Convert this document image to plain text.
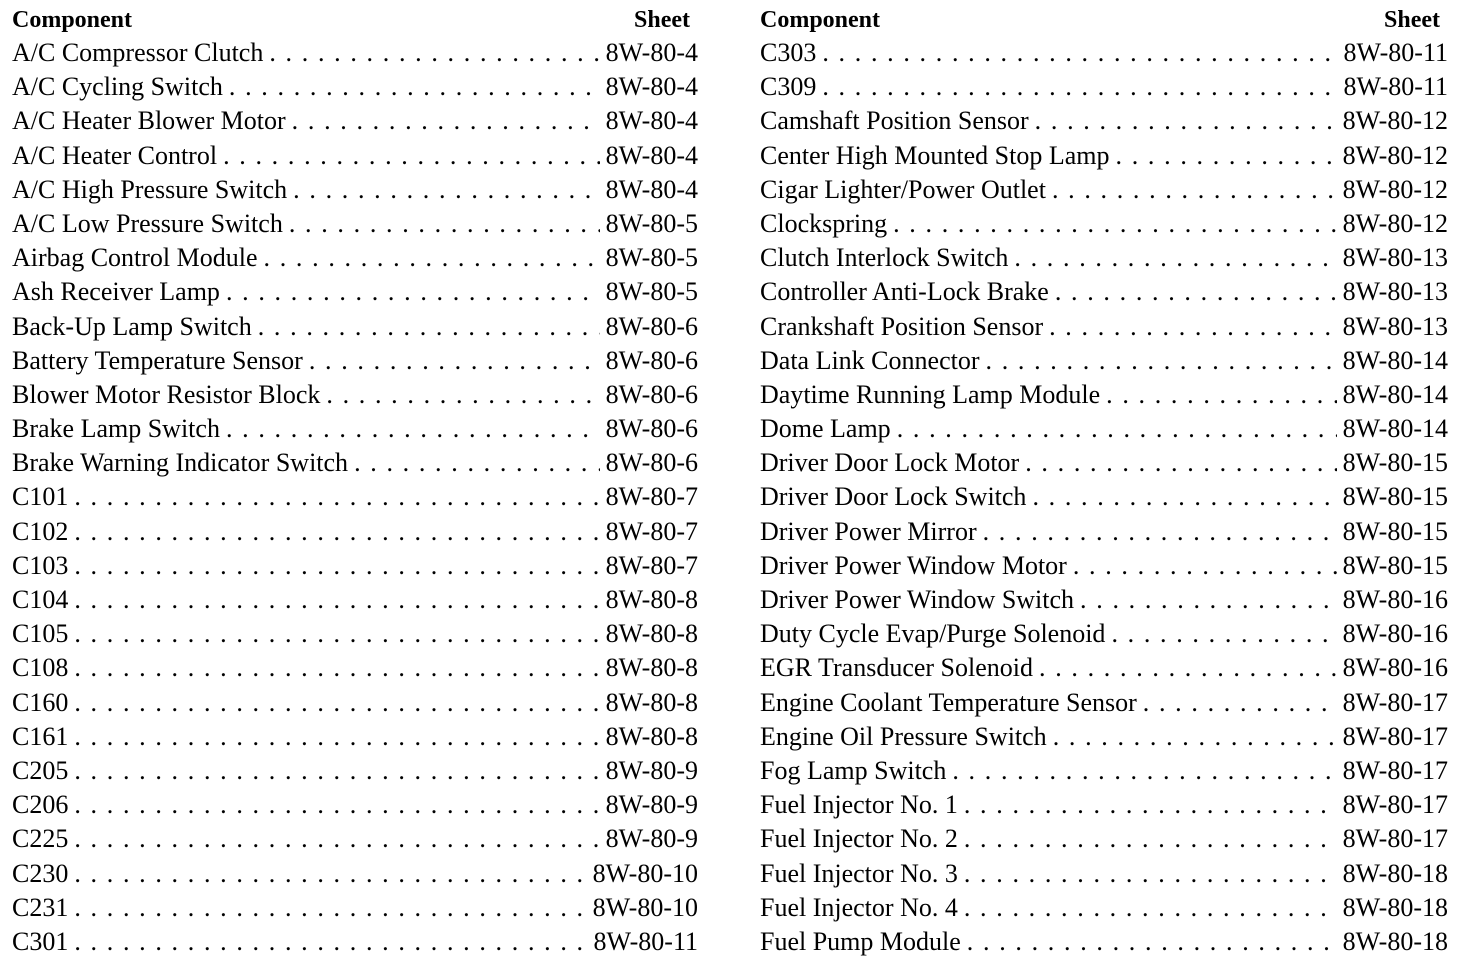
Component	Sheet
A/C Compressor Clutch . . .	8W-80-4
A/C Cycling Switch . . .	8W-80-4
A/C Heater Blower Motor . . .	8W-80-4
A/C Heater Control . . .	8W-80-4
A/C High Pressure Switch . . .	8W-80-4
A/C Low Pressure Switch . . .	8W-80-5
Airbag Control Module . . .	8W-80-5
Ash Receiver Lamp . . .	8W-80-5
Back-Up Lamp Switch . . .	8W-80-6
Battery Temperature Sensor . . .	8W-80-6
Blower Motor Resistor Block . . .	8W-80-6
Brake Lamp Switch . . .	8W-80-6
Brake Warning Indicator Switch . . .	8W-80-6
C101 . . .	8W-80-7
C102 . . .	8W-80-7
C103 . . .	8W-80-7
C104 . . .	8W-80-8
C105 . . .	8W-80-8
C108 . . .	8W-80-8
C160 . . .	8W-80-8
C161 . . .	8W-80-8
C205 . . .	8W-80-9
C206 . . .	8W-80-9
C225 . . .	8W-80-9
C230 . . .	8W-80-10
C231 . . .	8W-80-10
C301 . . .	8W-80-11
Component	Sheet
C303 . . .	8W-80-11
C309 . . .	8W-80-11
Camshaft Position Sensor . . .	8W-80-12
Center High Mounted Stop Lamp . . .	8W-80-12
Cigar Lighter/Power Outlet . . .	8W-80-12
Clockspring . . .	8W-80-12
Clutch Interlock Switch . . .	8W-80-13
Controller Anti-Lock Brake . . .	8W-80-13
Crankshaft Position Sensor . . .	8W-80-13
Data Link Connector . . .	8W-80-14
Daytime Running Lamp Module . . .	8W-80-14
Dome Lamp . . .	8W-80-14
Driver Door Lock Motor . . .	8W-80-15
Driver Door Lock Switch . . .	8W-80-15
Driver Power Mirror . . .	8W-80-15
Driver Power Window Motor . . .	8W-80-15
Driver Power Window Switch . . .	8W-80-16
Duty Cycle Evap/Purge Solenoid . . .	8W-80-16
EGR Transducer Solenoid . . .	8W-80-16
Engine Coolant Temperature Sensor . . .	8W-80-17
Engine Oil Pressure Switch . . .	8W-80-17
Fog Lamp Switch . . .	8W-80-17
Fuel Injector No. 1 . . .	8W-80-17
Fuel Injector No. 2 . . .	8W-80-17
Fuel Injector No. 3 . . .	8W-80-18
Fuel Injector No. 4 . . .	8W-80-18
Fuel Pump Module . . .	8W-80-18
